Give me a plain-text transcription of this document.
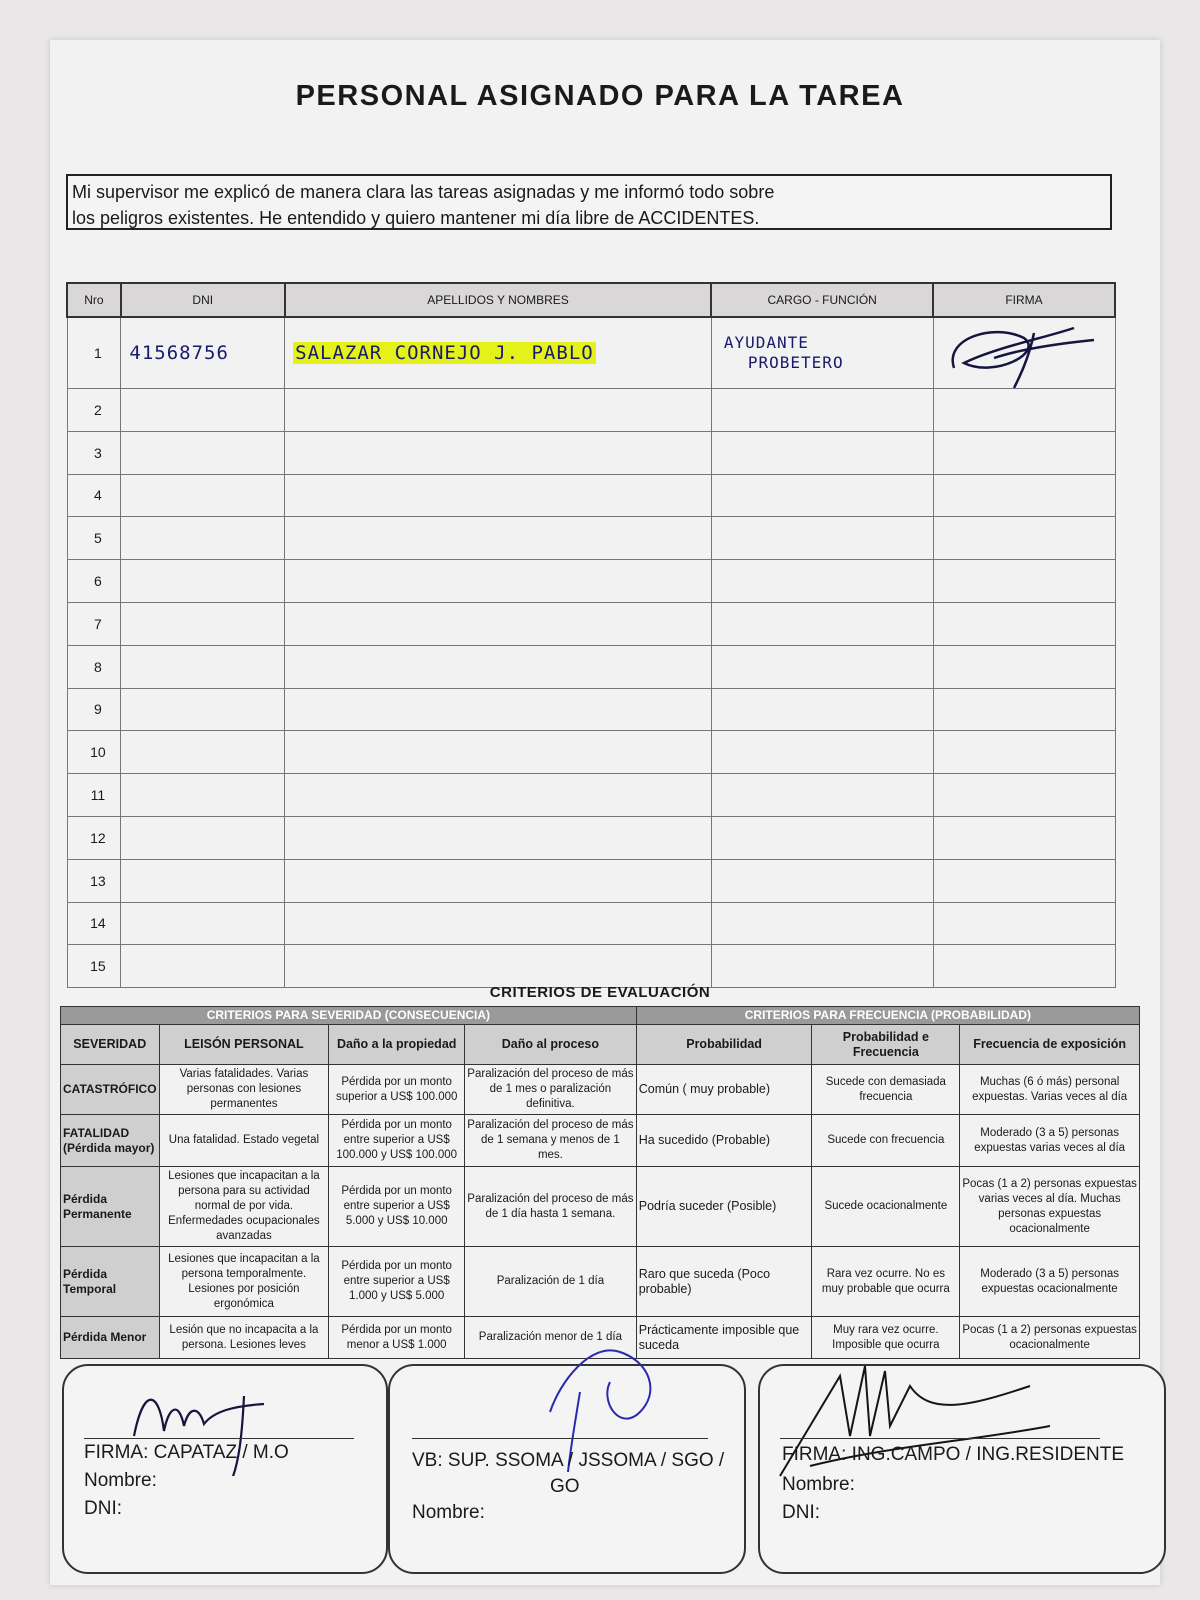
PERSONAL ASIGNADO PARA LA TAREA
Mi supervisor me explicó de manera clara las tareas asignadas y me informó todo sobre
los peligros existentes. He entendido y quiero mantener mi día libre de ACCIDENTES.
Nro	DNI	APELLIDOS Y NOMBRES	CARGO - FUNCIÓN	FIRMA
1	41568756	SALAZAR CORNEJO J. PABLO	AYUDANTE
PROBETERO

2				
3				
4				
5				
6				
7				
8				
9				
10				
11				
12				
13				
14				
15				
CRITERIOS DE EVALUACIÓN
CRITERIOS PARA SEVERIDAD (CONSECUENCIA)				CRITERIOS PARA FRECUENCIA (PROBABILIDAD)		
SEVERIDAD	LEISÓN PERSONAL	Daño a la propiedad	Daño al proceso	Probabilidad	Probabilidad e Frecuencia	Frecuencia de exposición
CATASTRÓFICO	Varias fatalidades. Varias personas con lesiones permanentes	Pérdida por un monto superior a US$ 100.000	Paralización del proceso de más de 1 mes o paralización definitiva.	Común ( muy probable)	Sucede con demasiada frecuencia	Muchas (6 ó más) personal expuestas. Varias veces al día
FATALIDAD (Pérdida mayor)	Una fatalidad. Estado vegetal	Pérdida por un monto entre superior a US$ 100.000 y US$ 100.000	Paralización del proceso de más de 1 semana y menos de 1 mes.	Ha sucedido (Probable)	Sucede con frecuencia	Moderado (3 a 5) personas expuestas varias veces al día
Pérdida Permanente	Lesiones que incapacitan a la persona para su actividad normal de por vida. Enfermedades ocupacionales avanzadas	Pérdida por un monto entre superior a US$ 5.000 y US$ 10.000	Paralización del proceso de más de 1 día hasta 1 semana.	Podría suceder (Posible)	Sucede ocacionalmente	Pocas (1 a 2) personas expuestas varias veces al día. Muchas personas expuestas ocacionalmente
Pérdida Temporal	Lesiones que incapacitan a la persona temporalmente. Lesiones por posición ergonómica	Pérdida por un monto entre superior a US$ 1.000 y US$ 5.000	Paralización de 1 día	Raro que suceda (Poco probable)	Rara vez ocurre. No es muy probable que ocurra	Moderado (3 a 5) personas expuestas ocacionalmente
Pérdida Menor	Lesión que no incapacita a la persona. Lesiones leves	Pérdida por un monto menor a US$ 1.000	Paralización menor de 1 día	Prácticamente imposible que suceda	Muy rara vez ocurre. Imposible que ocurra	Pocas (1 a 2) personas expuestas ocacionalmente
FIRMA: CAPATAZ / M.O
Nombre:
DNI:
VB: SUP. SSOMA / JSSOMA / SGO /
GO
Nombre:
FIRMA: ING.CAMPO / ING.RESIDENTE
Nombre:
DNI:
